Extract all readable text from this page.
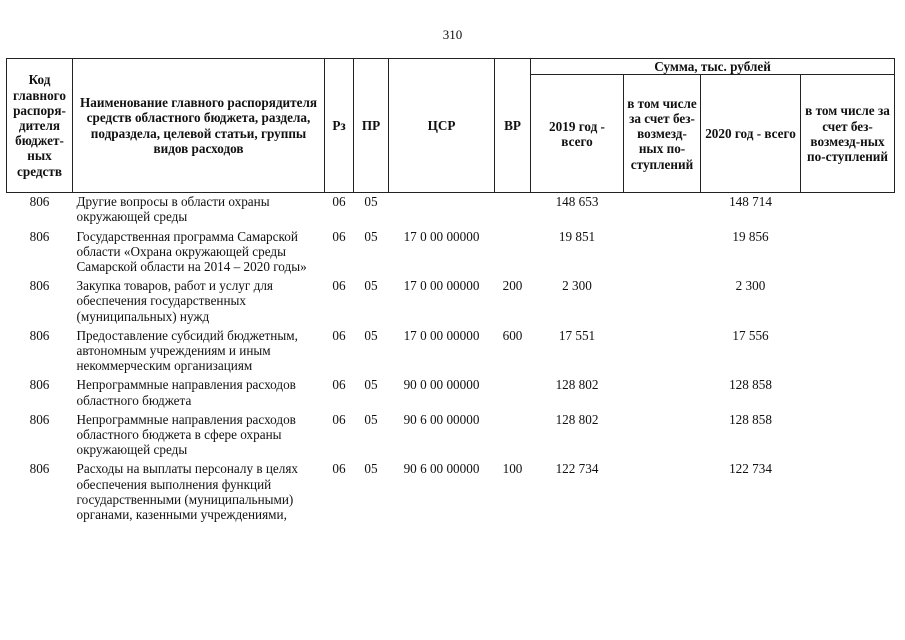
310
Код главного распоря-дителя бюджет-ных средств	Наименование главного распорядителя средств областного бюджета, раздела, подраздела, целевой статьи, группы видов расходов	Рз	ПР	ЦСР	ВР	Сумма, тыс. рублей			
						2019 год - всего	в том числе за счет без-возмезд-ных по-ступлений	2020 год - всего	в том числе за счет без-возмезд-ных по-ступлений
806	Другие вопросы в области охраны окружающей среды	06	05			148 653		148 714	
806	Государственная программа Самарской области «Охрана окружающей среды Самарской области на 2014 – 2020 годы»	06	05	17 0 00 00000		19 851		19 856	
806	Закупка товаров, работ и услуг для обеспечения государственных (муниципальных) нужд	06	05	17 0 00 00000	200	2 300		2 300	
806	Предоставление субсидий бюджетным, автономным учреждениям и иным некоммерческим организациям	06	05	17 0 00 00000	600	17 551		17 556	
806	Непрограммные направления расходов областного бюджета	06	05	90 0 00 00000		128 802		128 858	
806	Непрограммные направления расходов областного бюджета в сфере охраны окружающей среды	06	05	90 6 00 00000		128 802		128 858	
806	Расходы на выплаты персоналу в целях обеспечения выполнения функций государственными (муниципальными) органами, казенными учреждениями,	06	05	90 6 00 00000	100	122 734		122 734	
